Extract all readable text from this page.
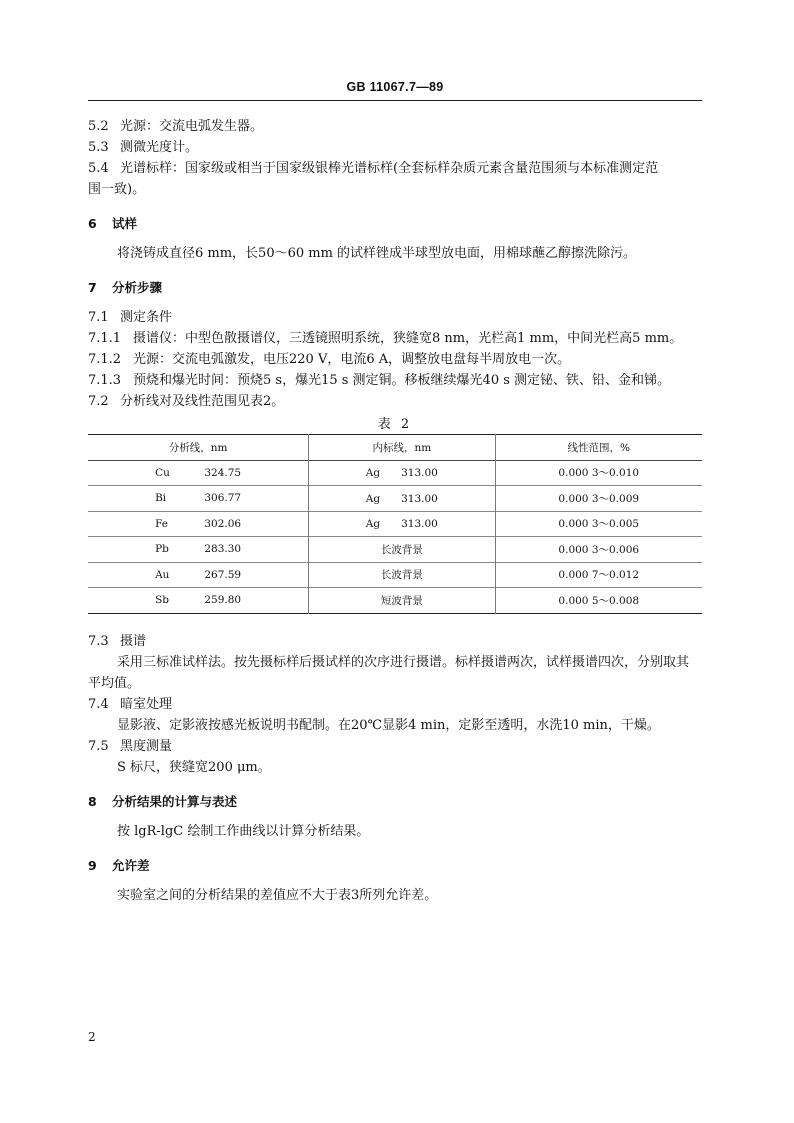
GB 11067.7—89
5.2 光源：交流电弧发生器。
5.3 测微光度计。
5.4 光谱标样：国家级或相当于国家级银棒光谱标样(全套标样杂质元素含量范围须与本标准测定范
围一致)。
6 试样
将浇铸成直径6 mm，长50～60 mm 的试样锉成半球型放电面，用棉球蘸乙醇擦洗除污。
7 分析步骤
7.1 测定条件
7.1.1 摄谱仪：中型色散摄谱仪，三透镜照明系统，狭缝宽8 nm，光栏高1 mm，中间光栏高5 mm。
7.1.2 光源：交流电弧激发，电压220 V，电流6 A，调整放电盘每半周放电一次。
7.1.3 预烧和爆光时间：预烧5 s，爆光15 s 测定铜。移板继续爆光40 s 测定铋、铁、铅、金和锑。
7.2 分析线对及线性范围见表2。
表 2
分析线，nm	内标线，nm	线性范围，%
Cu 324.75	Ag　　313.00	0.000 3～0.010
Bi 306.77	Ag　　313.00	0.000 3～0.009
Fe 302.06	Ag　　313.00	0.000 3～0.005
Pb 283.30	长波背景	0.000 3～0.006
Au 267.59	长波背景	0.000 7～0.012
Sb 259.80	短波背景	0.000 5～0.008
7.3 摄谱
采用三标准试样法。按先摄标样后摄试样的次序进行摄谱。标样摄谱两次，试样摄谱四次，分别取其
平均值。
7.4 暗室处理
显影液、定影液按感光板说明书配制。在20℃显影4 min，定影至透明，水洗10 min，干燥。
7.5 黑度测量
S 标尺，狭缝宽200 μm。
8 分析结果的计算与表述
按 lgR-lgC 绘制工作曲线以计算分析结果。
9 允许差
实验室之间的分析结果的差值应不大于表3所列允许差。
2
